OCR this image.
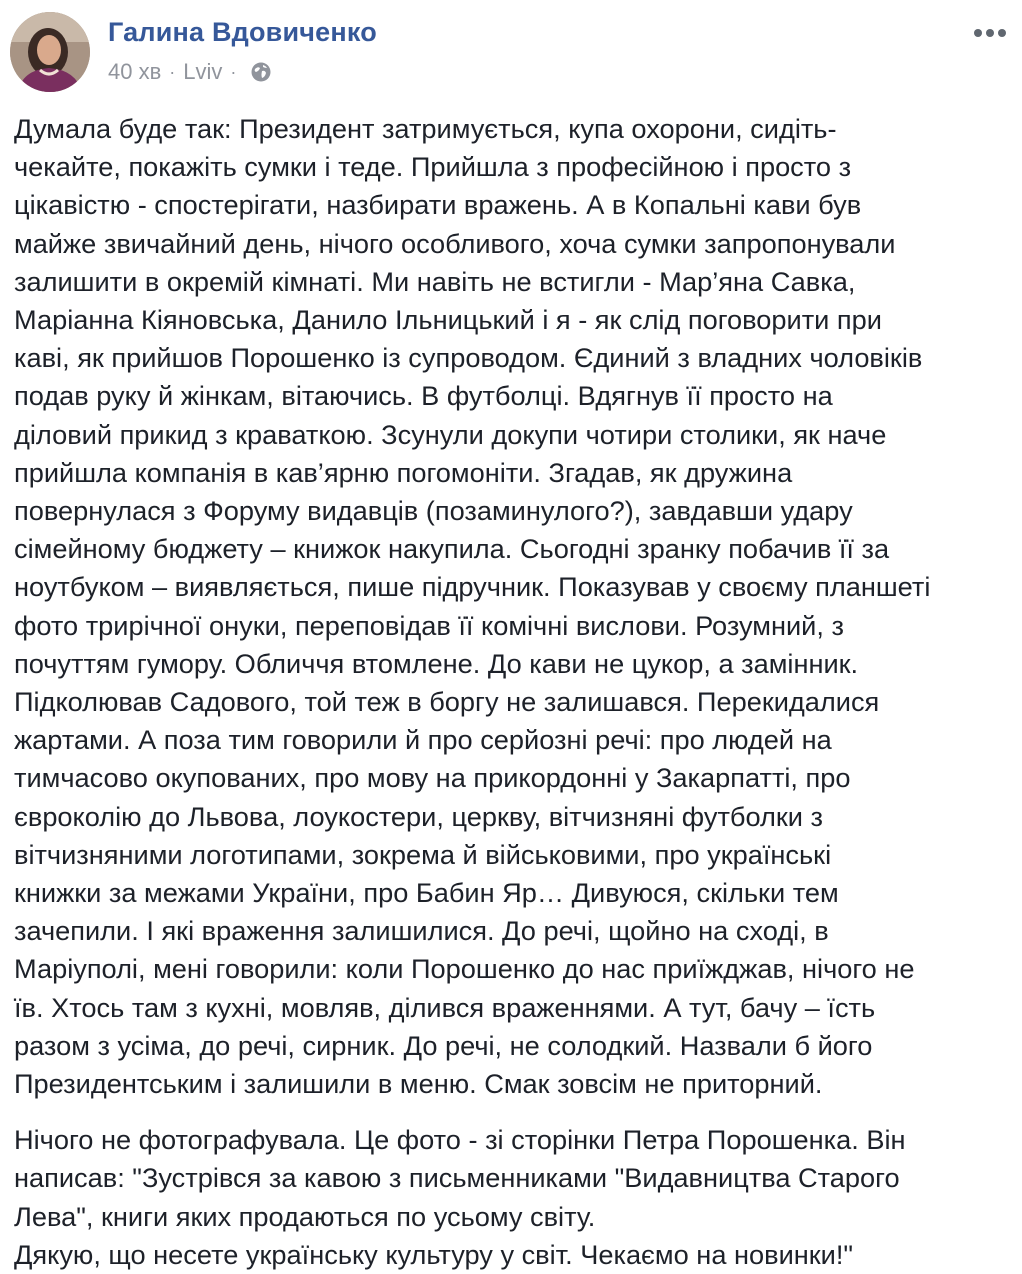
Галина Вдовиченко
40 хв · Lviv ·

Думала буде так: Президент затримується, купа охорони, сидіть-
чекайте, покажіть сумки і теде. Прийшла з професійною і просто з
цікавістю - спостерігати, назбирати вражень. А в Копальні кави був
майже звичайний день, нічого особливого, хоча сумки запропонували
залишити в окремій кімнаті. Ми навіть не встигли - Мар’яна Савка,
Маріанна Кіяновська, Данило Ільницький і я - як слід поговорити при
каві, як прийшов Порошенко із супроводом. Єдиний з владних чоловіків
подав руку й жінкам, вітаючись. В футболці. Вдягнув її просто на
діловий прикид з краваткою. Зсунули докупи чотири столики, як наче
прийшла компанія в кав’ярню погомоніти. Згадав, як дружина
повернулася з Форуму видавців (позаминулого?), завдавши удару
сімейному бюджету – книжок накупила. Сьогодні зранку побачив її за
ноутбуком – виявляється, пише підручник. Показував у своєму планшеті
фото трирічної онуки, переповідав її комічні вислови. Розумний, з
почуттям гумору. Обличчя втомлене. До кави не цукор, а замінник.
Підколював Садового, той теж в боргу не залишався. Перекидалися
жартами. А поза тим говорили й про серйозні речі: про людей на
тимчасово окупованих, про мову на прикордонні у Закарпатті, про
євроколію до Львова, лоукостери, церкву, вітчизняні футболки з
вітчизняними логотипами, зокрема й військовими, про українські
книжки за межами України, про Бабин Яр… Дивуюся, скільки тем
зачепили. І які враження залишилися. До речі, щойно на сході, в
Маріуполі, мені говорили: коли Порошенко до нас приїжджав, нічого не
їв. Хтось там з кухні, мовляв, ділився враженнями. А тут, бачу – їсть
разом з усіма, до речі, сирник. До речі, не солодкий. Назвали б його
Президентським і залишили в меню. Смак зовсім не приторний.

Нічого не фотографувала. Це фото - зі сторінки Петра Порошенка. Він
написав: "Зустрівся за кавою з письменниками "Видавництва Старого
Лева", книги яких продаються по усьому світу.
Дякую, що несете українську культуру у світ. Чекаємо на новинки!"
